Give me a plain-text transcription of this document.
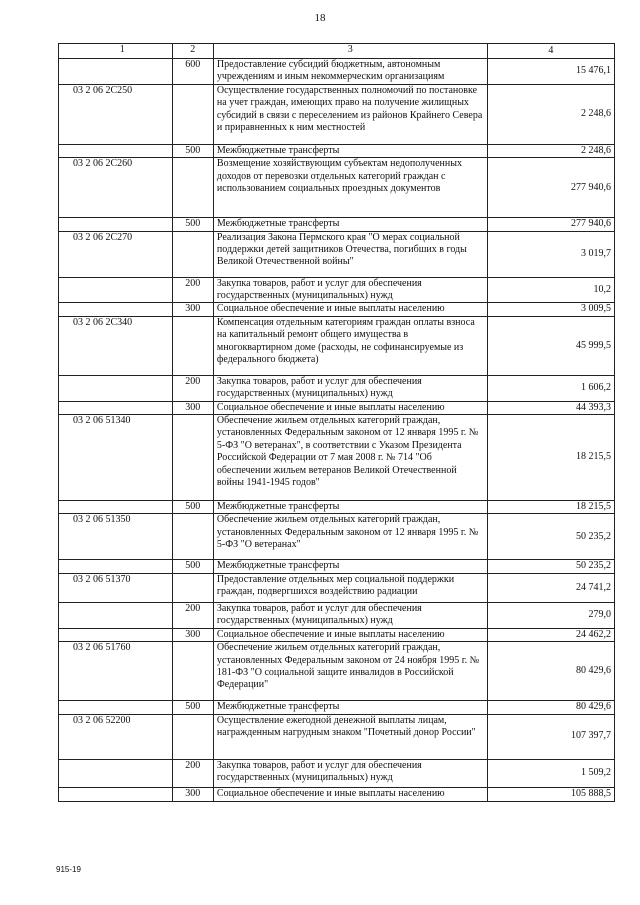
18
1	2	3	4
	600	Предоставление субсидий бюджетным, автономным учреждениям и иным некоммерческим организациям	15 476,1
03 2 06 2С250		Осуществление государственных полномочий по постановке на учет граждан, имеющих право на получение жилищных субсидий в связи с переселением из районов Крайнего Севера и приравненных к ним местностей	2 248,6
	500	Межбюджетные трансферты	2 248,6
03 2 06 2С260		Возмещение хозяйствующим субъектам недополученных доходов от перевозки отдельных категорий граждан с использованием социальных проездных документов	277 940,6
	500	Межбюджетные трансферты	277 940,6
03 2 06 2С270		Реализация Закона Пермского края "О мерах социальной поддержки детей защитников Отечества, погибших в годы Великой Отечественной войны"	3 019,7
	200	Закупка товаров, работ и услуг для обеспечения государственных (муниципальных) нужд	10,2
	300	Социальное обеспечение и иные выплаты населению	3 009,5
03 2 06 2С340		Компенсация отдельным категориям граждан оплаты взноса на капитальный ремонт общего имущества в многоквартирном доме (расходы, не софинансируемые из федерального бюджета)	45 999,5
	200	Закупка товаров, работ и услуг для обеспечения государственных (муниципальных) нужд	1 606,2
	300	Социальное обеспечение и иные выплаты населению	44 393,3
03 2 06 51340		Обеспечение жильем отдельных категорий граждан, установленных Федеральным законом от 12 января 1995 г. № 5-ФЗ "О ветеранах", в соответствии с Указом Президента Российской Федерации от 7 мая 2008 г. № 714 "Об обеспечении жильем ветеранов Великой Отечественной войны 1941-1945 годов"	18 215,5
	500	Межбюджетные трансферты	18 215,5
03 2 06 51350		Обеспечение жильем отдельных категорий граждан, установленных Федеральным законом от 12 января 1995 г. № 5-ФЗ "О ветеранах"	50 235,2
	500	Межбюджетные трансферты	50 235,2
03 2 06 51370		Предоставление отдельных мер социальной поддержки граждан, подвергшихся воздействию радиации	24 741,2
	200	Закупка товаров, работ и услуг для обеспечения государственных (муниципальных) нужд	279,0
	300	Социальное обеспечение и иные выплаты населению	24 462,2
03 2 06 51760		Обеспечение жильем отдельных категорий граждан, установленных Федеральным законом от 24 ноября 1995 г. № 181-ФЗ "О социальной защите инвалидов в Российской Федерации"	80 429,6
	500	Межбюджетные трансферты	80 429,6
03 2 06 52200		Осуществление ежегодной денежной выплаты лицам, награжденным нагрудным знаком "Почетный донор России"	107 397,7
	200	Закупка товаров, работ и услуг для обеспечения государственных (муниципальных) нужд	1 509,2
	300	Социальное обеспечение и иные выплаты населению	105 888,5
915-19
